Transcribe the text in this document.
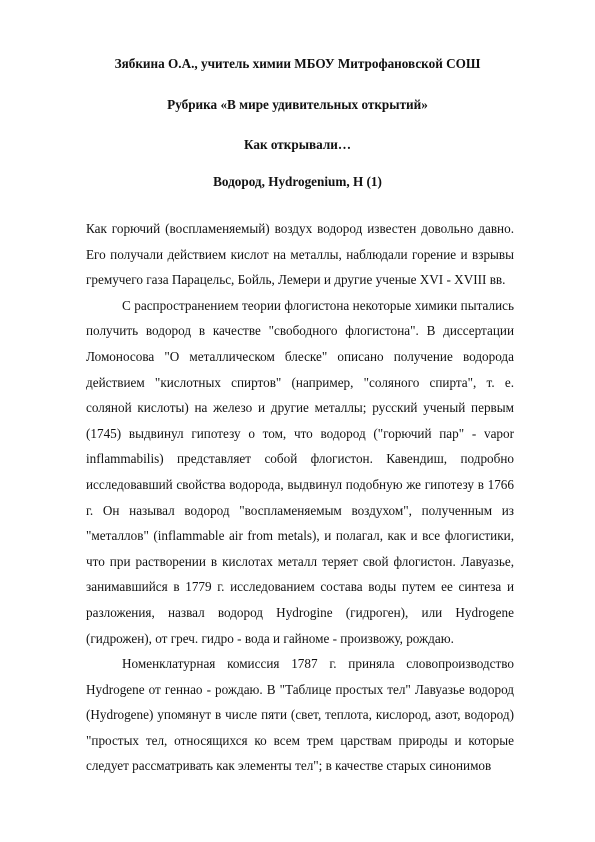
Зябкина О.А., учитель химии МБОУ Митрофановской СОШ
Рубрика «В мире удивительных открытий»
Как открывали…
Водород, Hydrogenium, H (1)

Как горючий (воспламеняемый) воздух водород известен довольно давно. Его получали действием кислот на металлы, наблюдали горение и взрывы гремучего газа Парацельс, Бойль, Лемери и другие ученые XVI - XVIII вв.

С распространением теории флогистона некоторые химики пытались получить водород в качестве "свободного флогистона". В диссертации Ломоносова "О металлическом блеске" описано получение водорода действием "кислотных спиртов" (например, "соляного спирта", т. е. соляной кислоты) на железо и другие металлы; русский ученый первым (1745) выдвинул гипотезу о том, что водород ("горючий пар" - vapor inflammabilis) представляет собой флогистон. Кавендиш, подробно исследовавший свойства водорода, выдвинул подобную же гипотезу в 1766 г. Он называл водород "воспламеняемым воздухом", полученным из "металлов" (inflammable air from metals), и полагал, как и все флогистики, что при растворении в кислотах металл теряет свой флогистон. Лавуазье, занимавшийся в 1779 г. исследованием состава воды путем ее синтеза и разложения, назвал водород Hydrogine (гидроген), или Hydrogene (гидрожен), от греч. гидро - вода и гайноме - произвожу, рождаю.

Номенклатурная комиссия 1787 г. приняла словопроизводство Hydrogene от геннао - рождаю. В "Таблице простых тел" Лавуазье водород (Hydrogene) упомянут в числе пяти (свет, теплота, кислород, азот, водород) "простых тел, относящихся ко всем трем царствам природы и которые следует рассматривать как элементы тел"; в качестве старых синонимов
